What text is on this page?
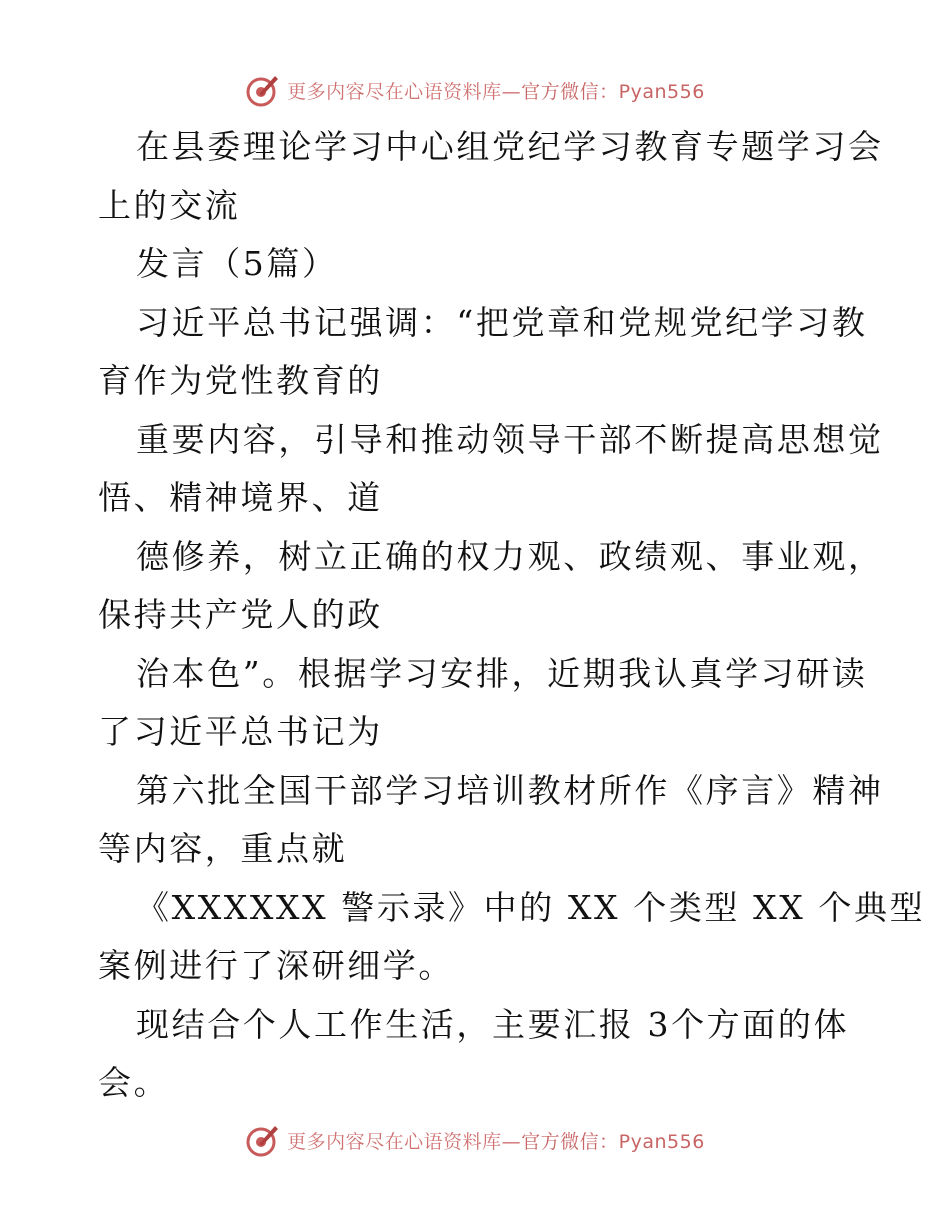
更多内容尽在心语资料库—官方微信：Pyan556
在县委理论学习中心组党纪学习教育专题学习会
上的交流
发言（5篇）
习近平总书记强调：“把党章和党规党纪学习教
育作为党性教育的
重要内容，引导和推动领导干部不断提高思想觉
悟、精神境界、道
德修养，树立正确的权力观、政绩观、事业观，
保持共产党人的政
治本色”。根据学习安排，近期我认真学习研读
了习近平总书记为
第六批全国干部学习培训教材所作《序言》精神
等内容，重点就
《XXXXXX 警示录》中的 XX 个类型 XX 个典型
案例进行了深研细学。
现结合个人工作生活，主要汇报 3个方面的体
会。
更多内容尽在心语资料库—官方微信：Pyan556
